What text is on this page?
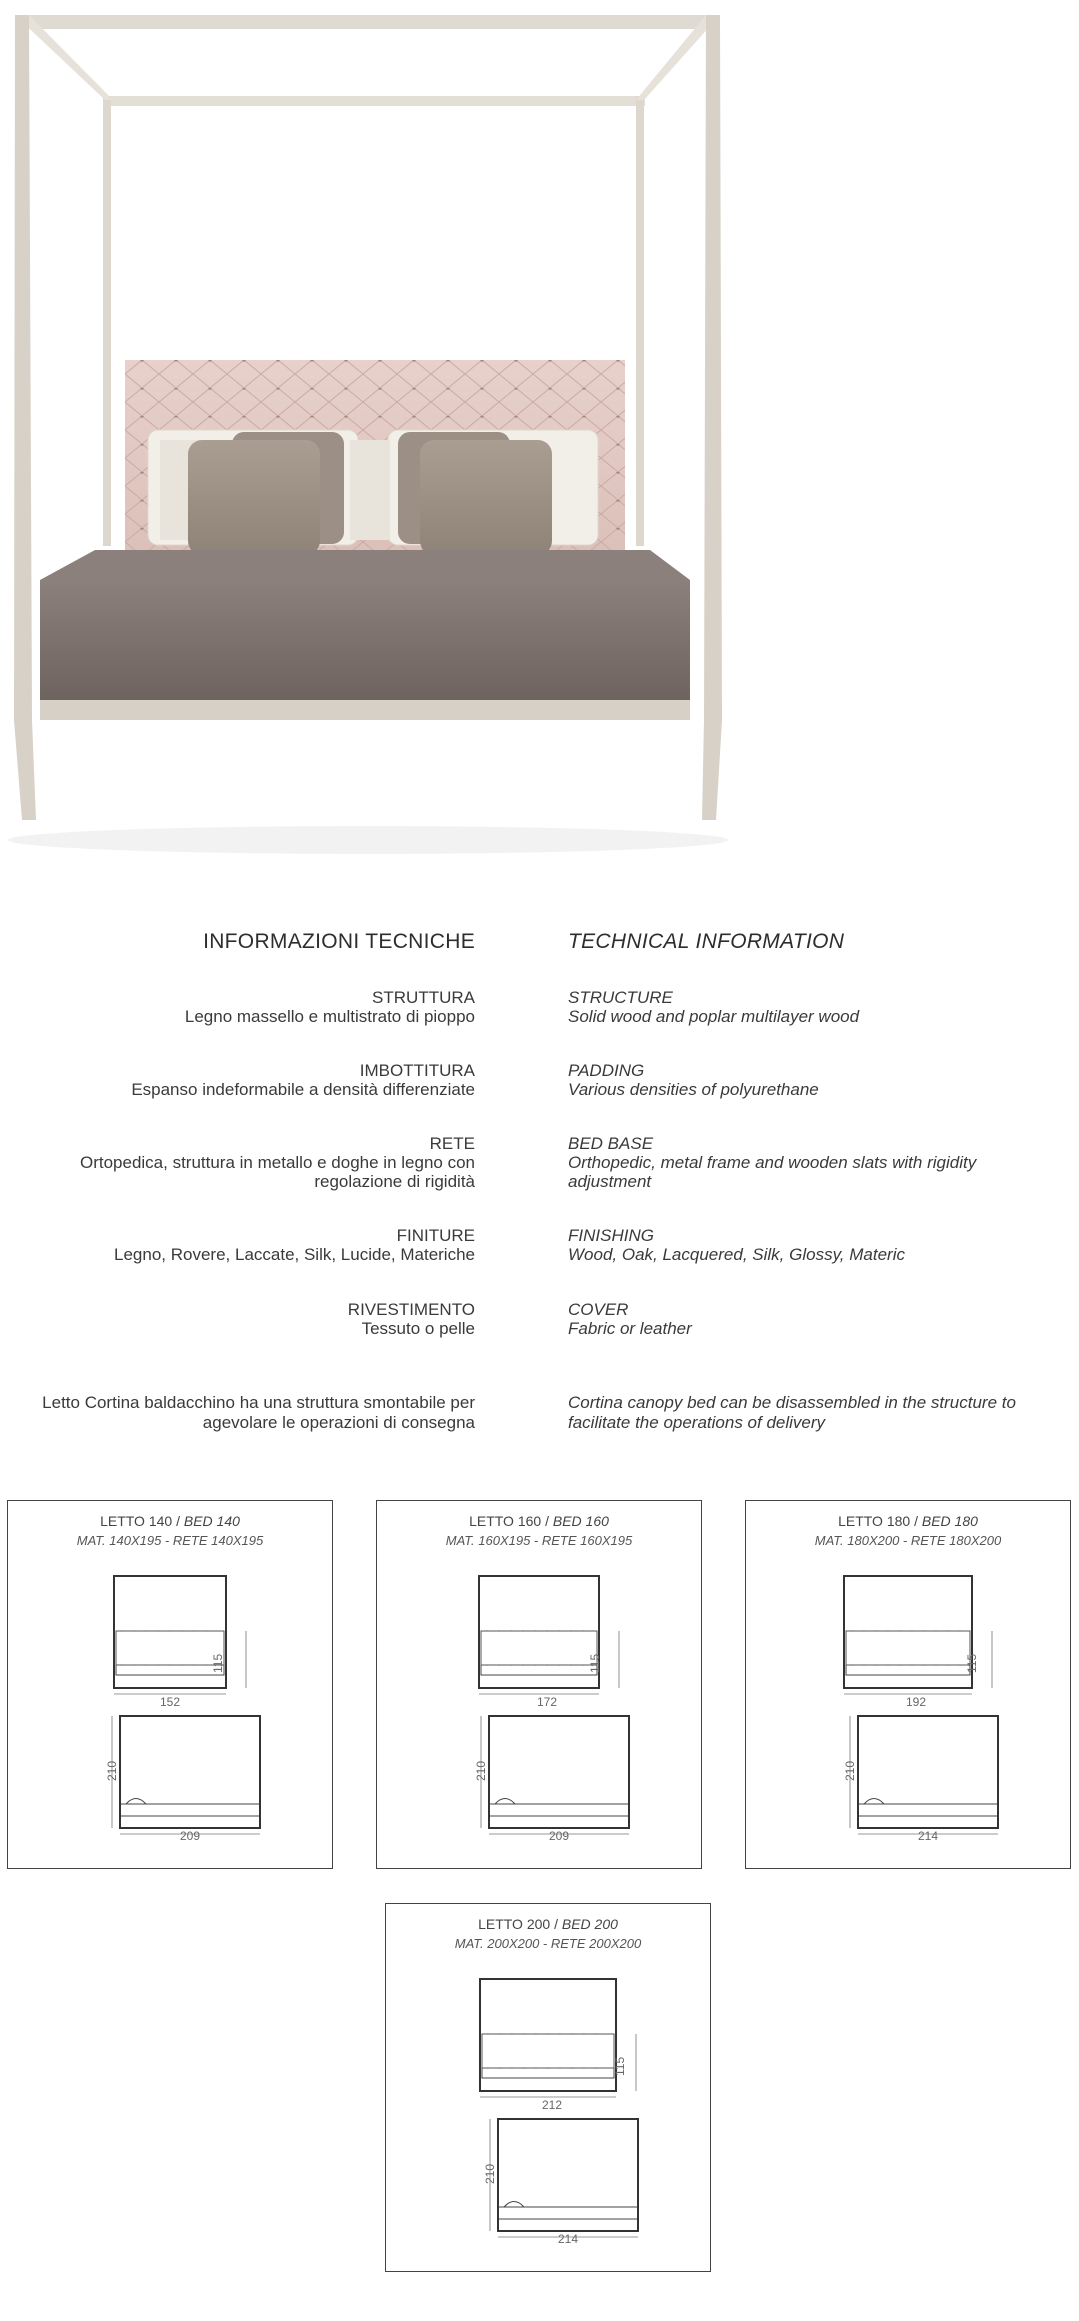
INFORMAZIONI TECNICHE	TECHNICAL INFORMATION
STRUTTURA
Legno massello e multistrato di pioppo
STRUCTURE
Solid wood and poplar multilayer wood
IMBOTTITURA
Espanso indeformabile a densità differenziate
PADDING
Various densities of polyurethane
RETE
Ortopedica, struttura in metallo e doghe in legno con regolazione di rigidità
BED BASE
Orthopedic, metal frame and wooden slats with rigidity adjustment
FINITURE
Legno, Rovere, Laccate, Silk, Lucide, Materiche
FINISHING
Wood, Oak, Lacquered, Silk, Glossy, Materic
RIVESTIMENTO
Tessuto o pelle
COVER
Fabric or leather
Letto Cortina baldacchino ha una struttura smontabile per agevolare le operazioni di consegna
Cortina canopy bed can be disassembled in the structure to facilitate the operations of delivery
LETTO 140 / BED 140
MAT. 140X195 - RETE 140X195
115
152
210
209
LETTO 160 / BED 160
MAT. 160X195 - RETE 160X195
115
172
210
209
LETTO 180 / BED 180
MAT. 180X200 - RETE 180X200
115
192
210
214
LETTO 200 / BED 200
MAT. 200X200 - RETE 200X200
115
212
210
214
